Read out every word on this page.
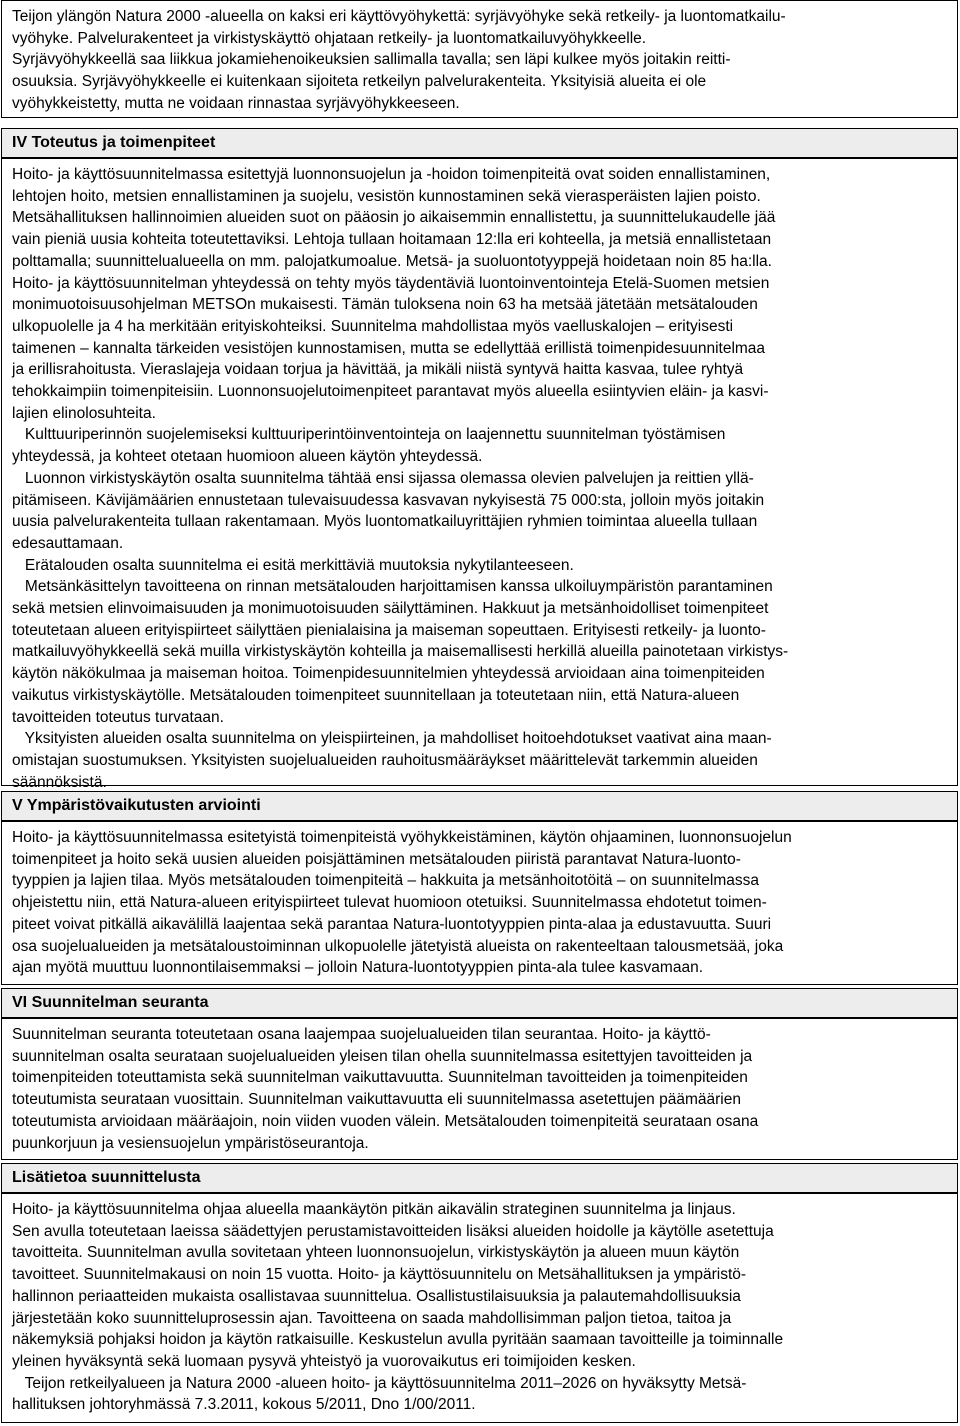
Teijon ylängön Natura 2000 -alueella on kaksi eri käyttövyöhykettä: syrjävyöhyke sekä retkeily- ja luontomatkailu-

vyöhyke. Palvelurakenteet ja virkistyskäyttö ohjataan retkeily- ja luontomatkailuvyöhykkeelle.

Syrjävyöhykkeellä saa liikkua jokamiehenoikeuksien sallimalla tavalla; sen läpi kulkee myös joitakin reitti-

osuuksia. Syrjävyöhykkeelle ei kuitenkaan sijoiteta retkeilyn palvelurakenteita. Yksityisiä alueita ei ole

vyöhykkeistetty, mutta ne voidaan rinnastaa syrjävyöhykkeeseen.

IV Toteutus ja toimenpiteet

Hoito- ja käyttösuunnitelmassa esitettyjä luonnonsuojelun ja -hoidon toimenpiteitä ovat soiden ennallistaminen,

lehtojen hoito, metsien ennallistaminen ja suojelu, vesistön kunnostaminen sekä vierasperäisten lajien poisto.

Metsähallituksen hallinnoimien alueiden suot on pääosin jo aikaisemmin ennallistettu, ja suunnittelukaudelle jää

vain pieniä uusia kohteita toteutettaviksi. Lehtoja tullaan hoitamaan 12:lla eri kohteella, ja metsiä ennallistetaan

polttamalla; suunnittelualueella on mm. palojatkumoalue. Metsä- ja suoluontotyyppejä hoidetaan noin 85 ha:lla.

Hoito- ja käyttösuunnitelman yhteydessä on tehty myös täydentäviä luontoinventointeja Etelä-Suomen metsien

monimuotoisuusohjelman METSOn mukaisesti. Tämän tuloksena noin 63 ha metsää jätetään metsätalouden

ulkopuolelle ja 4 ha merkitään erityiskohteiksi. Suunnitelma mahdollistaa myös vaelluskalojen – erityisesti

taimenen – kannalta tärkeiden vesistöjen kunnostamisen, mutta se edellyttää erillistä toimenpidesuunnitelmaa

ja erillisrahoitusta. Vieraslajeja voidaan torjua ja hävittää, ja mikäli niistä syntyvä haitta kasvaa, tulee ryhtyä

tehokkaimpiin toimenpiteisiin. Luonnonsuojelutoimenpiteet parantavat myös alueella esiintyvien eläin- ja kasvi-

lajien elinolosuhteita.

Kulttuuriperinnön suojelemiseksi kulttuuriperintöinventointeja on laajennettu suunnitelman työstämisen

yhteydessä, ja kohteet otetaan huomioon alueen käytön yhteydessä.

Luonnon virkistyskäytön osalta suunnitelma tähtää ensi sijassa olemassa olevien palvelujen ja reittien yllä-

pitämiseen. Kävijämäärien ennustetaan tulevaisuudessa kasvavan nykyisestä 75 000:sta, jolloin myös joitakin

uusia palvelurakenteita tullaan rakentamaan. Myös luontomatkailuyrittäjien ryhmien toimintaa alueella tullaan

edesauttamaan.

Erätalouden osalta suunnitelma ei esitä merkittäviä muutoksia nykytilanteeseen.

Metsänkäsittelyn tavoitteena on rinnan metsätalouden harjoittamisen kanssa ulkoiluympäristön parantaminen

sekä metsien elinvoimaisuuden ja monimuotoisuuden säilyttäminen. Hakkuut ja metsänhoidolliset toimenpiteet

toteutetaan alueen erityispiirteet säilyttäen pienialaisina ja maiseman sopeuttaen. Erityisesti retkeily- ja luonto-

matkailuvyöhykkeellä sekä muilla virkistyskäytön kohteilla ja maisemallisesti herkillä alueilla painotetaan virkistys-

käytön näkökulmaa ja maiseman hoitoa. Toimenpidesuunnitelmien yhteydessä arvioidaan aina toimenpiteiden

vaikutus virkistyskäytölle. Metsätalouden toimenpiteet suunnitellaan ja toteutetaan niin, että Natura-alueen

tavoitteiden toteutus turvataan.

Yksityisten alueiden osalta suunnitelma on yleispiirteinen, ja mahdolliset hoitoehdotukset vaativat aina maan-

omistajan suostumuksen. Yksityisten suojelualueiden rauhoitusmääräykset määrittelevät tarkemmin alueiden

säännöksistä.

V Ympäristövaikutusten arviointi

Hoito- ja käyttösuunnitelmassa esitetyistä toimenpiteistä vyöhykkeistäminen, käytön ohjaaminen, luonnonsuojelun

toimenpiteet ja hoito sekä uusien alueiden poisjättäminen metsätalouden piiristä parantavat Natura-luonto-

tyyppien ja lajien tilaa. Myös metsätalouden toimenpiteitä – hakkuita ja metsänhoitotöitä – on suunnitelmassa

ohjeistettu niin, että Natura-alueen erityispiirteet tulevat huomioon otetuiksi. Suunnitelmassa ehdotetut toimen-

piteet voivat pitkällä aikavälillä laajentaa sekä parantaa Natura-luontotyyppien pinta-alaa ja edustavuutta. Suuri

osa suojelualueiden ja metsätaloustoiminnan ulkopuolelle jätetyistä alueista on rakenteeltaan talousmetsää, joka

ajan myötä muuttuu luonnontilaisemmaksi – jolloin Natura-luontotyyppien pinta-ala tulee kasvamaan.

VI Suunnitelman seuranta

Suunnitelman seuranta toteutetaan osana laajempaa suojelualueiden tilan seurantaa. Hoito- ja käyttö-

suunnitelman osalta seurataan suojelualueiden yleisen tilan ohella suunnitelmassa esitettyjen tavoitteiden ja

toimenpiteiden toteuttamista sekä suunnitelman vaikuttavuutta. Suunnitelman tavoitteiden ja toimenpiteiden

toteutumista seurataan vuosittain. Suunnitelman vaikuttavuutta eli suunnitelmassa asetettujen päämäärien

toteutumista arvioidaan määräajoin, noin viiden vuoden välein. Metsätalouden toimenpiteitä seurataan osana

puunkorjuun ja vesiensuojelun ympäristöseurantoja.

Lisätietoa suunnittelusta

Hoito- ja käyttösuunnitelma ohjaa alueella maankäytön pitkän aikavälin strateginen suunnitelma ja linjaus.

Sen avulla toteutetaan laeissa säädettyjen perustamistavoitteiden lisäksi alueiden hoidolle ja käytölle asetettuja

tavoitteita. Suunnitelman avulla sovitetaan yhteen luonnonsuojelun, virkistyskäytön ja alueen muun käytön

tavoitteet. Suunnitelmakausi on noin 15 vuotta. Hoito- ja käyttösuunnitelu on Metsähallituksen ja ympäristö-

hallinnon periaatteiden mukaista osallistavaa suunnittelua. Osallistustilaisuuksia ja palautemahdollisuuksia

järjestetään koko suunnitteluprosessin ajan. Tavoitteena on saada mahdollisimman paljon tietoa, taitoa ja

näkemyksiä pohjaksi hoidon ja käytön ratkaisuille. Keskustelun avulla pyritään saamaan tavoitteille ja toiminnalle

yleinen hyväksyntä sekä luomaan pysyvä yhteistyö ja vuorovaikutus eri toimijoiden kesken.

Teijon retkeilyalueen ja Natura 2000 -alueen hoito- ja käyttösuunnitelma 2011–2026 on hyväksytty Metsä-

hallituksen johtoryhmässä 7.3.2011, kokous 5/2011, Dno 1/00/2011.
